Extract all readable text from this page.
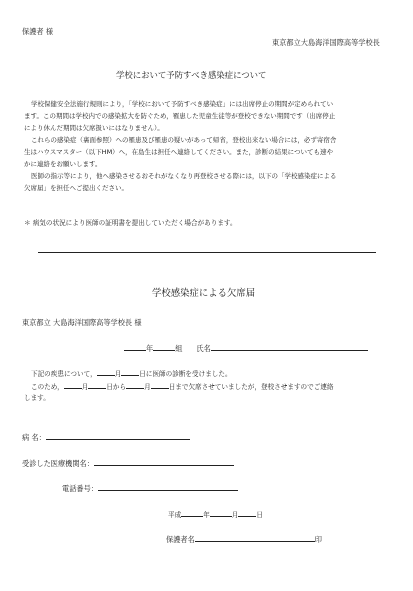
保護者 様
東京都立大島海洋国際高等学校長
学校において予防すべき感染症について
学校保健安全法施行規則により，「学校において予防すべき感染症」には出席停止の期間が定められてい
ます。この期間は学校内での感染拡大を防ぐため，罹患した児童生徒等が登校できない期間です（出席停止
により休んだ期間は欠席扱いにはなりません）。
これらの感染症（裏面参照）への罹患及び罹患の疑いがあって帰省，登校出来ない場合には，必ず寄宿舎
生はハウスマスター（以下HM）へ，在島生は担任へ連絡してください。また，診断の結果についても速や
かに連絡をお願いします。
医師の指示等により，他へ感染させるおそれがなくなり再登校させる際には，以下の「学校感染症による
欠席届」を担任へご提出ください。
＊ 病気の状況により医師の証明書を提出していただく場合があります。
学校感染症による欠席届
東京都立 大島海洋国際高等学校長 様
年	組 氏名
下記の疾患について，	月	日に医師の診断を受けました。
このため，	月	日から	月	日まで欠席させていましたが，登校させますのでご連絡
します。
病 名：
受診した医療機関名：
電話番号：
平成	年	月	日
保護者名	印
